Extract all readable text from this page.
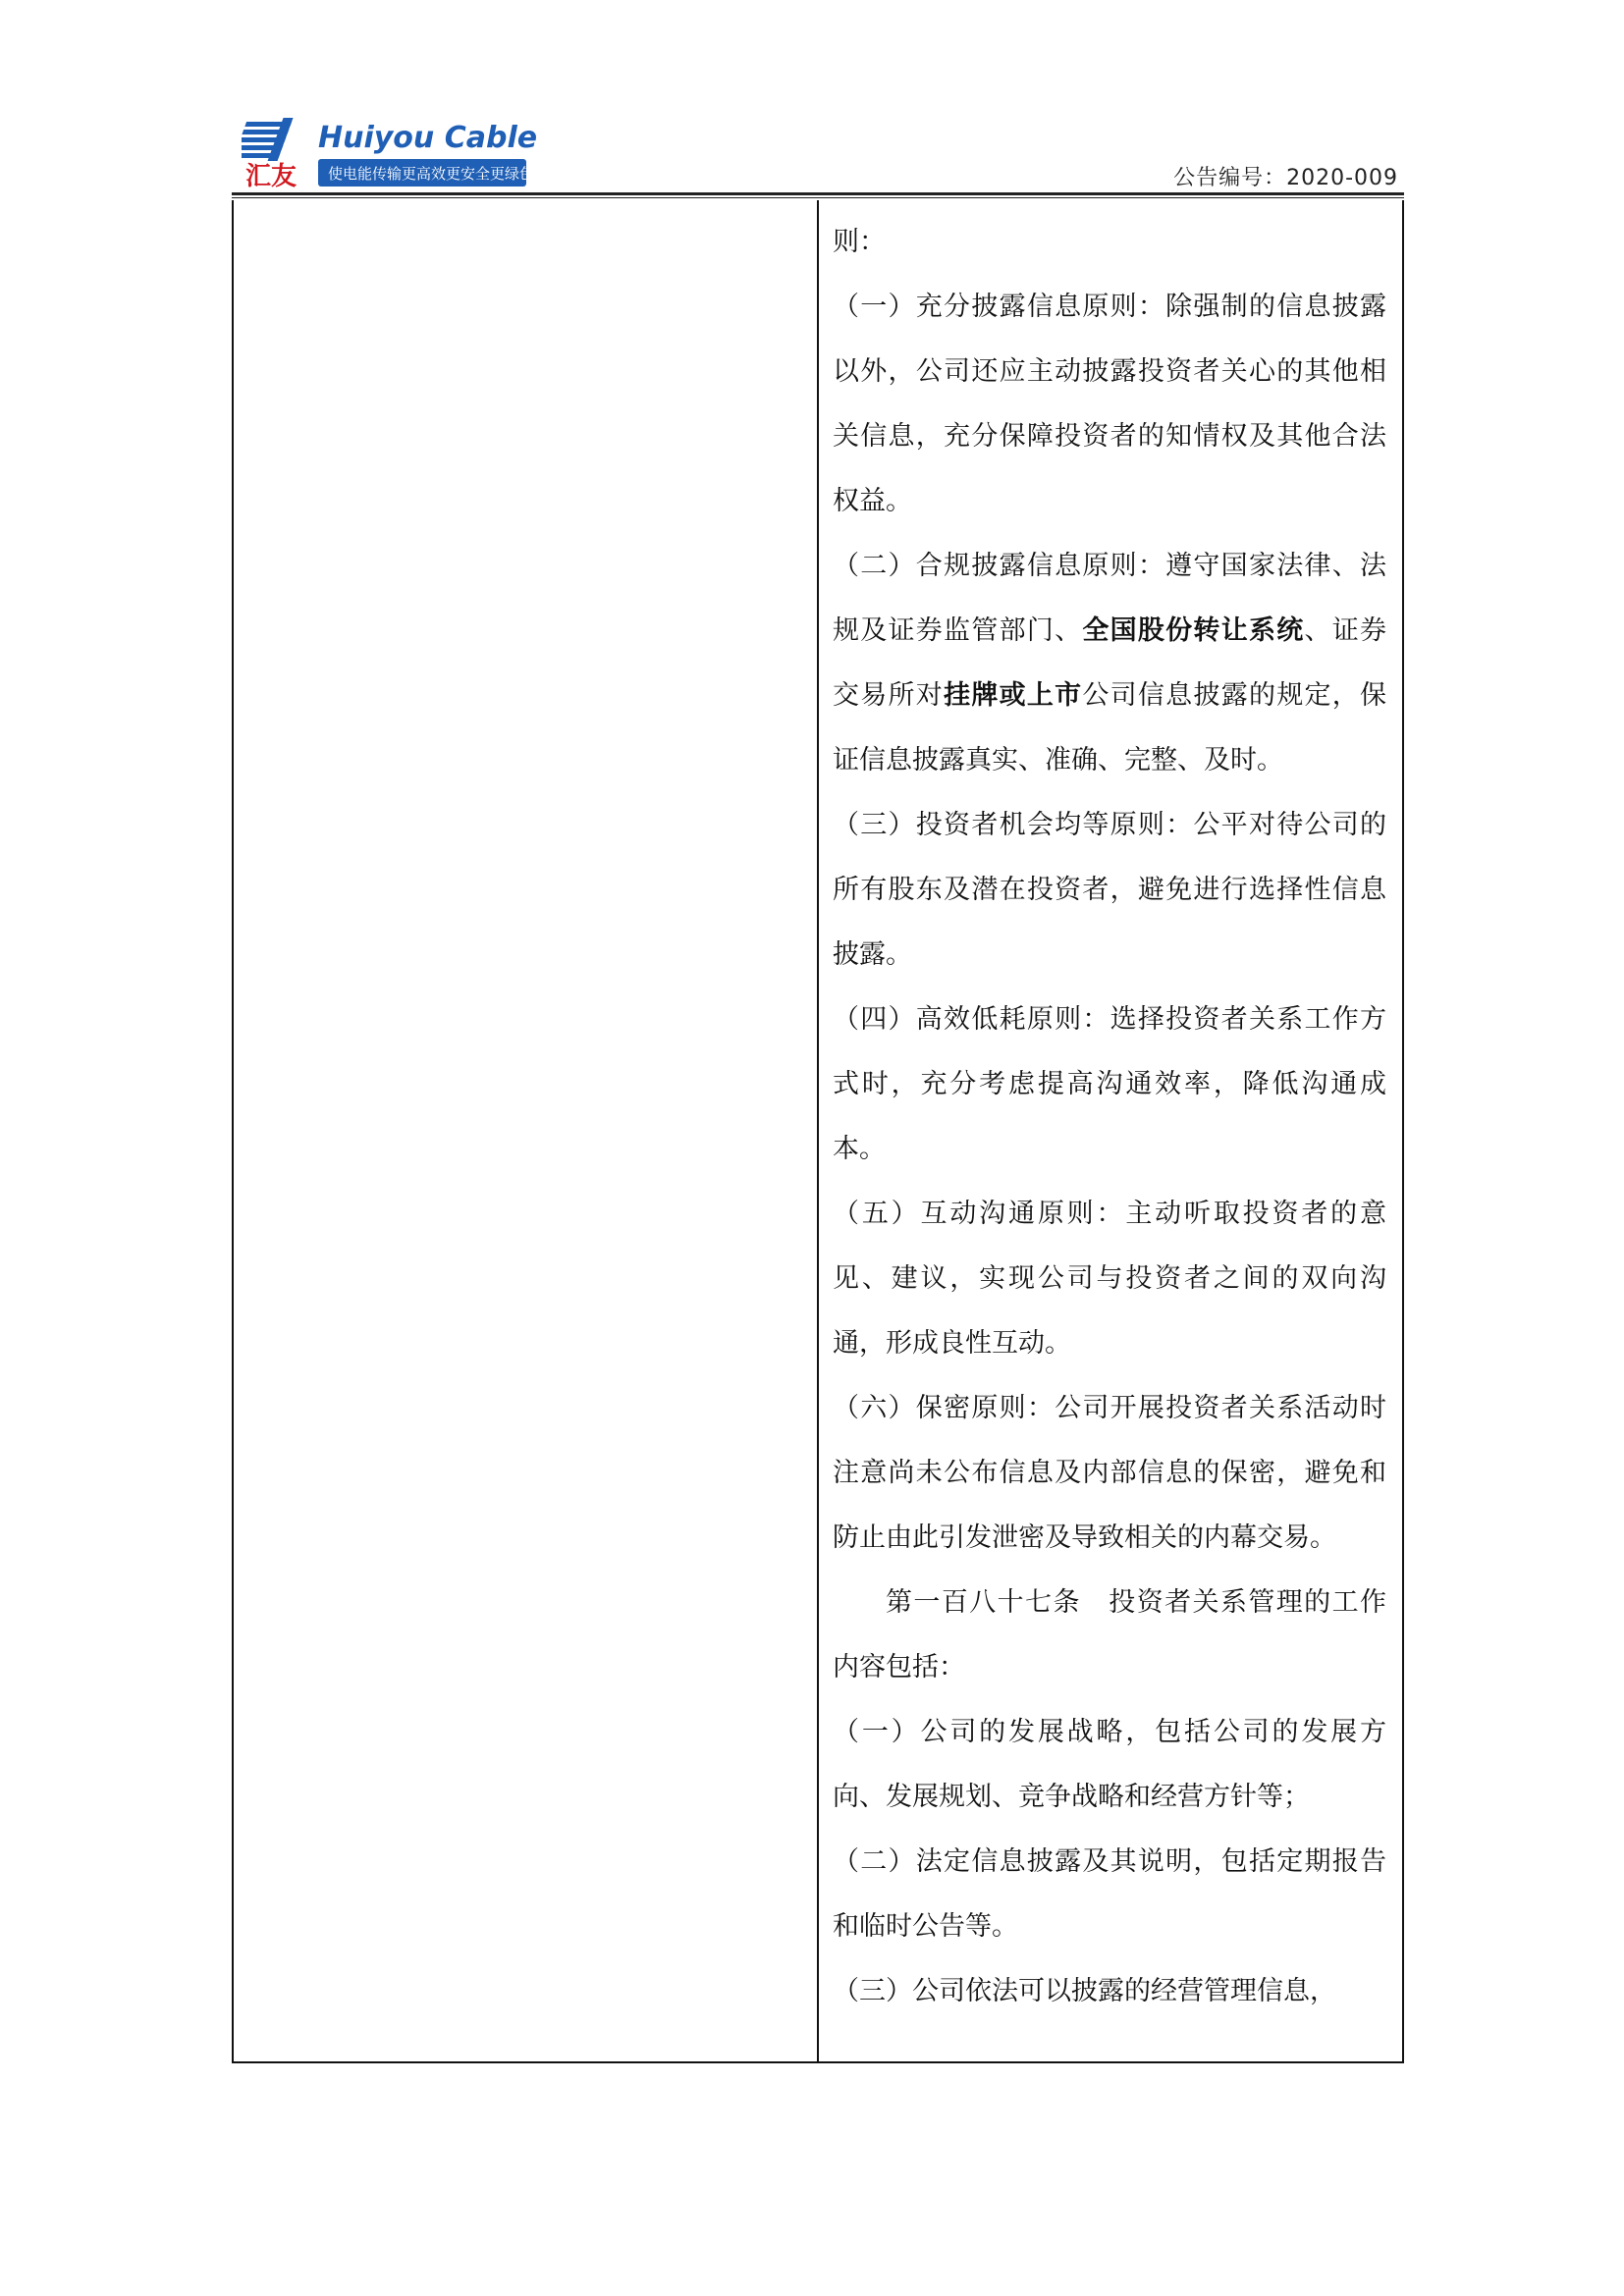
汇友
Huiyou Cable
使电能传输更高效更安全更绿色	公告编号：2020-009

则：

（一）充分披露信息原则：除强制的信息披露以外，公司还应主动披露投资者关心的其他相关信息，充分保障投资者的知情权及其他合法权益。

（二）合规披露信息原则：遵守国家法律、法规及证券监管部门、全国股份转让系统、证券交易所对挂牌或上市公司信息披露的规定，保证信息披露真实、准确、完整、及时。

（三）投资者机会均等原则：公平对待公司的所有股东及潜在投资者，避免进行选择性信息披露。

（四）高效低耗原则：选择投资者关系工作方式时，充分考虑提高沟通效率，降低沟通成本。

（五）互动沟通原则：主动听取投资者的意见、建议，实现公司与投资者之间的双向沟通，形成良性互动。

（六）保密原则：公司开展投资者关系活动时注意尚未公布信息及内部信息的保密，避免和防止由此引发泄密及导致相关的内幕交易。

第一百八十七条　投资者关系管理的工作内容包括：

（一）公司的发展战略，包括公司的发展方向、发展规划、竞争战略和经营方针等；

（二）法定信息披露及其说明，包括定期报告和临时公告等。

（三）公司依法可以披露的经营管理信息，
